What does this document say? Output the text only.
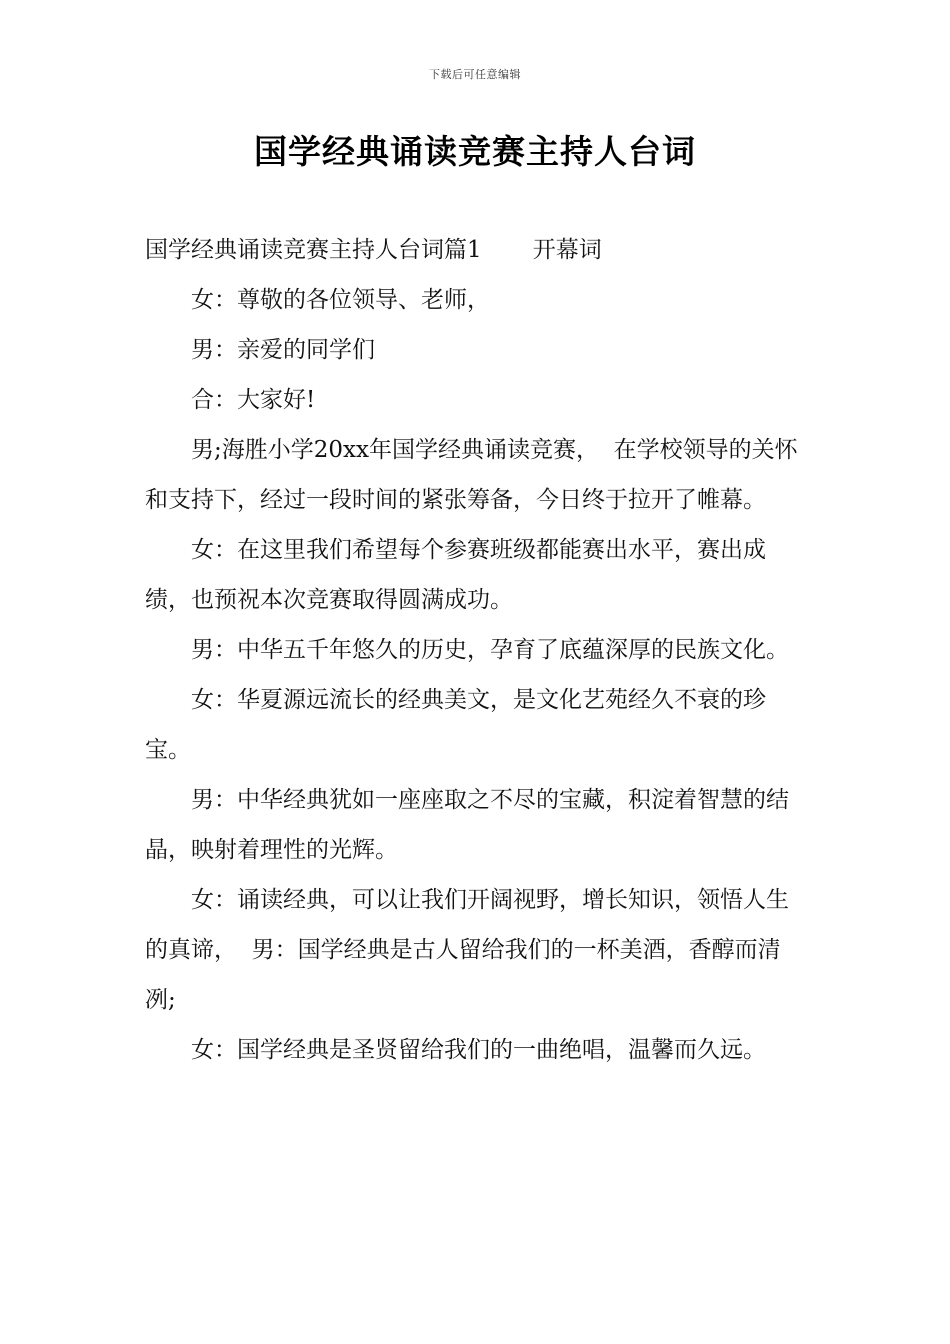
下载后可任意编辑
国学经典诵读竞赛主持人台词

国学经典诵读竞赛主持人台词篇1       开幕词

女：尊敬的各位领导、老师，

男：亲爱的同学们

合：大家好!

男;海胜小学20xx年国学经典诵读竞赛，  在学校领导的关怀和支持下，经过一段时间的紧张筹备，今日终于拉开了帷幕。

女：在这里我们希望每个参赛班级都能赛出水平，赛出成绩，也预祝本次竞赛取得圆满成功。

男：中华五千年悠久的历史，孕育了底蕴深厚的民族文化。

女：华夏源远流长的经典美文，是文化艺苑经久不衰的珍宝。

男：中华经典犹如一座座取之不尽的宝藏，积淀着智慧的结晶，映射着理性的光辉。

女：诵读经典，可以让我们开阔视野，增长知识，领悟人生的真谛，  男：国学经典是古人留给我们的一杯美酒，香醇而清冽;

女：国学经典是圣贤留给我们的一曲绝唱，温馨而久远。
